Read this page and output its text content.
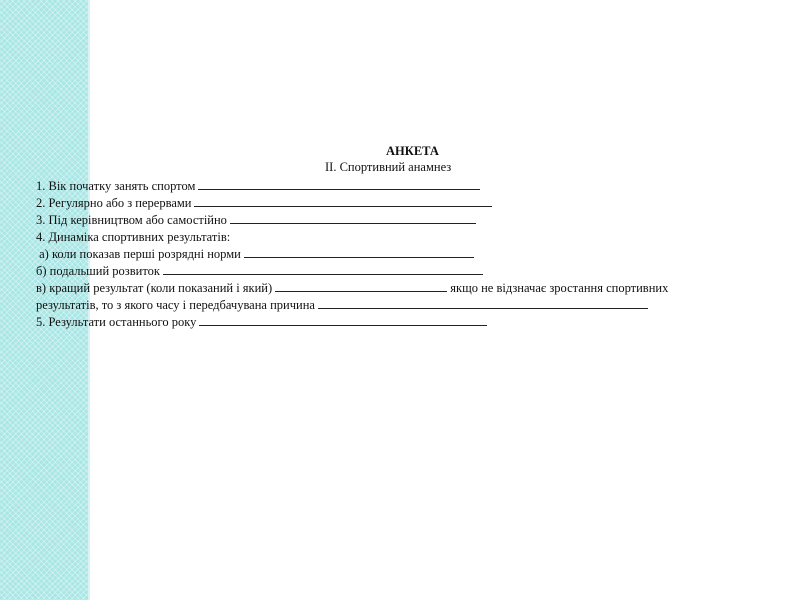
АНКЕТА
ІІ. Спортивний анамнез
1. Вік початку занять спортом
2. Регулярно або з перервами
3. Під керівництвом або самостійно
4. Динаміка спортивних результатів:
а) коли показав перші розрядні норми
б) подальший розвиток
в) кращий результат (коли показаний і який)	якщо не відзначає зростання спортивних
результатів, то з якого часу і передбачувана причина
5. Результати останнього року
